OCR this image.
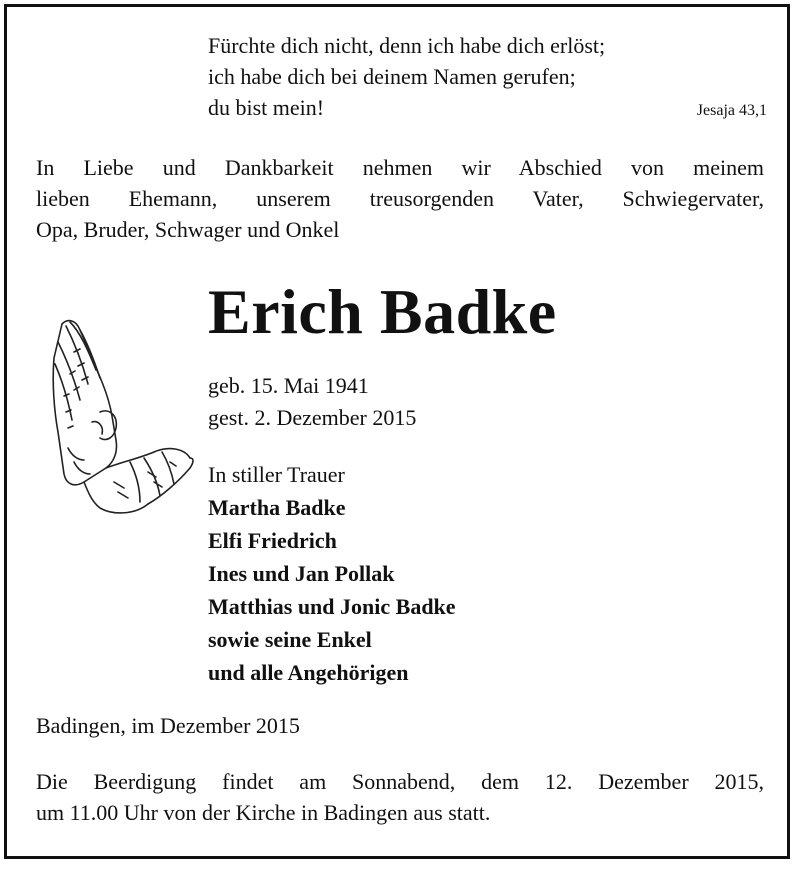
Fürchte dich nicht, denn ich habe dich erlöst;
ich habe dich bei deinem Namen gerufen;
du bist mein!	Jesaja 43,1
In Liebe und Dankbarkeit nehmen wir Abschied von meinem
lieben Ehemann, unserem treusorgenden Vater, Schwiegervater,
Opa, Bruder, Schwager und Onkel
Erich Badke
geb. 15. Mai 1941
gest. 2. Dezember 2015
In stiller Trauer
Martha Badke
Elfi Friedrich
Ines und Jan Pollak
Matthias und Jonic Badke
sowie seine Enkel
und alle Angehörigen
Badingen, im Dezember 2015
Die Beerdigung findet am Sonnabend, dem 12. Dezember 2015,
um 11.00 Uhr von der Kirche in Badingen aus statt.
